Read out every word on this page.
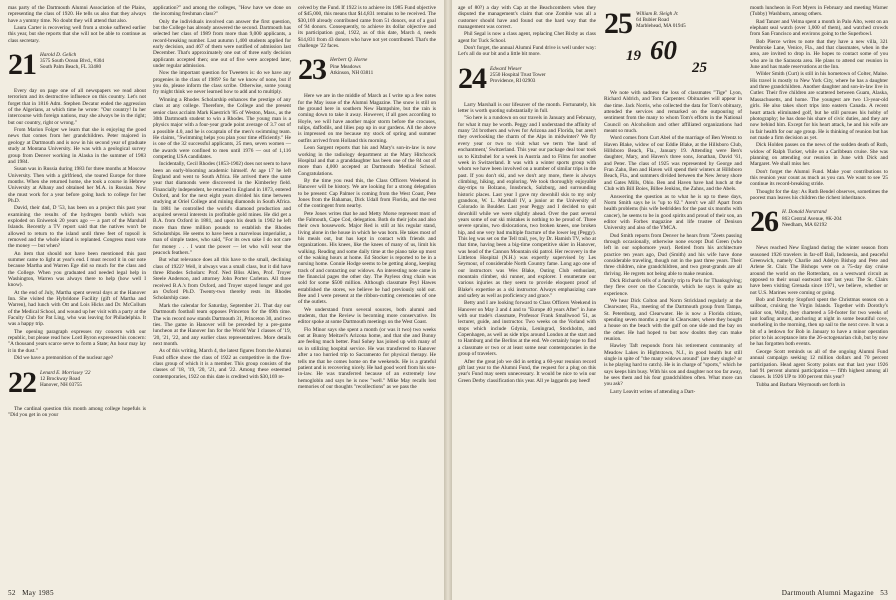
mas party of the Dartmouth Alumni Association of the Plains, representing the class of 1920. He tells us also that they always have a yummy time. No doubt they will attend that also.

Laura Carter is recovering well from a stroke suffered earlier this year, but she reports that she will not be able to continue as class secretary.

21 Harold D. Gelich
3575 South Ocean Blvd., #304
South Palm Beach, FL 33480

Every day on page one of all newspapers we read about terrorism and its destructive influence on this country. Let's not forget that in 1816 Adm. Stephen Decatur ended the aggression of the Algerians, at which time he wrote: "Our country! In her intercourse with foreign nations, may she always be in the right; but our country, right or wrong."

From Marion Folger we learn that she is enjoying the good news that comes from her grandchildren. Peter majored in geology at Dartmouth and is now in his second year of graduate study at Montana University. He was with a geological survey group from Denver working in Alaska in the summer of 1983 and 1984.

Susan was in Russia during 1983 for three months at Moscow University. Then with a girlfriend, she toured Europe for three months. When she returned home, she took a course in Hebrew University at Albany and obtained her M.A. in Russian. Now she must work for a year before going back to college for her Ph.D.

David, their dad, D '53, has been on a project this past year examining the results of the hydrogen bomb which was exploded on Eniwetok 20 years ago — a part of the Marshall Islands. Recently a TV report said that the natives won't be allowed to return to the island until three feet of topsoil is removed and the whole island is replanted. Congress must vote the money — but when?

An item that should not have been mentioned this past summer came to light at year's end. I must record it in our note because Martha and Warren Ege did so much for the class and the College. When you graduated and needed legal help in Washington, Warren was always there to help (how well I know).

At the end of July, Martha spent several days at the Hanover Inn. She visited the Hybridone Facility (gift of Martha and Warren), had lunch with Ott and Lois Hicks and Dr. McCollum of the Medical School, and wound up her visit with a party at the Faculty Club for Pat Ling, who was leaving for Philadelphia. It was a happy trip.

The opening paragraph expresses my concern with our republic, but please read how Lord Byron expressed his concern: "A thousand years scarce serve to form a State; An hour may lay it in the dust."

Did we have a premonition of the nuclear age?

22 Lenard E. Morrissey '22
12 Brockway Road
Hanover, NH 03755

The cardinal question this month among college hopefuls is "Did you get in on your

application?" and among the colleges, "How have we done on the incoming freshman class?"

Only the individuals involved can answer the first question, but the College has already answered the second. Dartmouth has selected her class of 1989 from more than 9,000 applicants, a record-breaking number. Last autumn 1,400 students applied for early decision, and 467 of them were notified of admission last December. That's approximately one out of three early decision applicants accepted then; one out of five were accepted later, under regular admission.

Now the important question for Tweeters is: do we have any progenies in the class of 1989? So far we know of none, but if you do, please inform the class scribe. Otherwise, some young fry might think we never learned how to add and to multiply.

Winning a Rhodes Scholarship enhances the prestige of any class at any college. Therefore, the College and the present senior class acclaim Mark Kaestrich '85 of Weston, Mass., as the 30th Dartmouth student to win a Rhodes. The young man is a physics major with a four-year grade point average of 3.7 out of a possible 4.0, and he is cocaptain of the men's swimming team. He claims, "Swimming helps you plan your time efficiently." He is one of the 32 successful applicants, 25 men, seven women — the awards were confined to men until 1976 — out of 1,116 competing USA candidates.

Incidentally, Cecil Rhodes (1853-1902) does not seem to have been an early-blooming academic himself. At age 17 he left England and went to South Africa. He arrived there the same year that diamonds were discovered in the Kimberley field. Financially independent, he returned to England in 1873, entered Oxford, and for the next eight years divided his time between studying at Oriel College and mining diamonds in South Africa. In 1881 he controlled the world's diamond production and acquired several interests in profitable gold mines. He did get a B.A. from Oxford in 1881, and upon his death in 1902 he left more than three million pounds to establish the Rhodes Scholarships. He seems to have been a marvelous imperialist, a man of simple tastes, who said, "For its own sake I do not care for money . . . I want the power — let who will wear the peacock feathers."

But what relevance does all this have to the small, declining class of 1922? Well, it always was a small class, but it did have three Rhodes Scholars: Prof. Ned Bliss Allen, Prof. Troyer Steele Anderson, and attorney John Porter Carleton. All three received B.A.'s from Oxford, and Troyer stayed longer and got an Oxford Ph.D. Twenty-two thereby rests its Rhodes Scholarship case.

Mark the calendar for Saturday, September 21. That day our Dartmouth football team opposes Princeton for the 69th time. The win record now stands Dartmouth 31, Princeton 30, and two ties. The game in Hanover will be preceded by a pre-game luncheon at the Hanover Inn for the World War I classes of '19, '20, '21, '22, and any earlier class representatives. More details next month.

As of this writing, March 4, the latest figures from the Alumni Fund office show the class of 1922 as competitive in the five-class group of which it is a member. This group consists of the classes of '18, '19, '20, '21, and '22. Among these esteemed contemporaries, 1922 on this date is credited with $30,169 re-

ceived by the Fund. If 1922 is to achieve its 1985 Fund objective of $45,000, this means that $14,831 remains to be received. The $30,169 already contributed came from 51 donors, out of a goal of 94 donors. Consequently, to achieve its dollar objective and its participation goal, 1922, as of this date, March 4, needs $14,831 from 43 donors who have not yet contributed. That's the challenge '22 faces.

23 Herbert Q. Horne
Pine Meadows
Atkinson, NH 03811

Here we are in the middle of March as I write up a few notes for the May issue of the Alumni Magazine. The snow is still on the ground here in southern New Hampshire, but the rain is coming down to take it away. However, if all goes according to Hoyle, we will have another major storm before the crocuses, tulips, daffodils, and lilies pop up in our gardens. All the above is impressed on me because my stock of spring and summer outfits arrived from Holland this morning.

Leon Sargent reports that his and Mary's son-in-law is now working in the radiology department at the Mary Hitchcock Hospital and that a granddaughter has been one of the 84 out of more than 4,000 accepted at Dartmouth Medical School. Congratulations.

By the time you read this, the Class Officers Weekend in Hanover will be history. We are looking for a strong delegation to be present: Cap Palmer is coming from the West Coast, Pete Jones from the Bahamas, Dick Udall from Florida, and the rest of the contingent from nearby.

Pete Jones writes that he and Metty Morse represent most of the Falmouth, Cape Cod, delegation. Both do their jobs and also their own housework. Major Red is still at his regular stand, living alone in the house in which he was born. He takes most of his meals out, but has kept in contact with friends and organizations. His knees, like the knees of many of us, limit his walking. Reading and some daily time at the piano take up most of the waking hours at home. Ed Stocker is reported to be in a nursing home. Connie Hodge seems to be getting along, keeping track of and contacting our widows. An interesting note came in the financial pages the other day. The Payless drug chain was sold for some $500 million. Although classmate Peyl Hawes established the stores, we believe he had previously sold out. Bee and I were present at the ribbon-cutting ceremonies of one of the outlets.

We understand from several sources, both alumni and students, that the Review is becoming more conservative. Its editor spoke at some Dartmouth meetings on the West Coast.

Flo Minor says she spent a month (or was it two) two weeks out at Bunny Meitzel's Arizona home, and that she and Bunny are feeling much better. Paul Sohey has joined up with many of us in utilizing hospital service. He was transferred to Hanover after a too hurried trip to Sacramento for physical therapy. He tells me that he comes home on the weekends. He is a grateful patient and is recovering nicely. He had good word from his son-in-law. He was transferred because of an extremely low hemoglobin and says he is now "well." Mike May recalls lost memories of our thoughts "recollections" as we pass the

52 May 1985

age of 80?) a day with Cap at the Beachcombers when they disputed the management's claim that one Zombie was all a customer should have and found out the hard way that the management was correct.

Phil Segal is now a class agent, replacing Chet Bixby as class agent for Tuck School.

Don't forget, the annual Alumni Fund drive is well under way: Let's all do our bit and a little bit more.

24 Edward Wieser
2550 Hospital Trust Tower
Providence, RI 02903

Larry Marshall is our lifesaver of the month. Fortunately, his letter is worth quoting substantially in full.

"So here is a rundown on our travels in January and February, for what it may be worth. Peggy and I understand the affinity of many '24 brothers and wives for Arizona and Florida, but aren't they overlooking the charm of the Alps in midwinter? We fly every year or two to visit what we term 'the land of enchantment,' Switzerland. This year our package deal tour took us to Kitzbuhel for a week in Austria and to Films for another week in Switzerland. It was with a winter sports group with whom we have been involved on a number of similar trips in the past. If you don't ski, and we don't any more, there is always climbing, hiking, and exploring. We took thoroughly enjoyable day-trips to Bolzano, Innsbruck, Salzburg, and surrounding historic places. Last year I gave my downhill skis to my only grandson, W. L. Marshall IV, a junior at the University of Colorado in Boulder. Last year Peggy and I decided to quit downhill while we were slightly ahead. Over the past several years some of our ski mistakes is nothing to be proud of. Three severe sprains, two dislocations, two broken knees, one broken hip, and one very bad multiple fracture of the lower leg (Peggy). This leg was set on the Tell trail, yes, by Dr. Hamish TV, who at that time, having been a big-time competitive skier in Hanover, was head of the Cannon Mountain ski patrol. Her recovery in the Littleton Hospital (N.H.) was expertly supervised by Les Seymour, of considerable North Country fame. Long ago one of our instructors was Wes Blake, Outing Club enthusiast, mountain climber, ski runner, and explorer. I enumerate our various injuries as they seem to provide eloquent proof of Blake's expertise as a ski instructor. Always emphasizing care and safety as well as proficiency and grace."

Betty and I are looking forward to Class Officers Weekend in Hanover on May 3 and 4 and to "Europe 40 years After" in June with our trade's classmate, Professor Frank Smallwood '51, as lecturer, guide, and instructor. Two weeks on the Vorland with stops which include Gdynia, Leningrad, Stockholm, and Copenhagen, as well as side trips around London at the start and to Hamburg and the Berlins at the end. We certainly hope to find a classmate or two or at least some near contemporaries in the group of travelers.

After the great job we did in setting a 60-year reunion record gift last year to the Alumni Fund, the request for a plug on this year's Fund may seem unnecessary. It would be nice to win our Green Derby classification this year. All ye laggards pay heed!

25 William B. Sleigh Jr.
64 Bubier Road
Marblehead, MA 01945
19 60
25

We note with sadness the loss of classmates "Tige" Lyon, Richard Aldrich, and Tom Carpenter. Obituaries will appear in due time. Jack Norris, who collected the data for Tom's obituary, attended the services and remarked on the outpouring of sentiment from the many to whom Tom's efforts in the National Council on Alcoholism and other affiliated organizations had meant so much.

Word comes from Curt Abel of the marriage of Ben Wrentz to Haven Blake, widow of our Eddie Blake, at the Hillsboro Club, Hillsboro Beach, Fla., January 19. Attending were Ben's daughter, Mary, and Haven's three sons, Jonathan, David '61, and Peter. The class of 1925 was represented by George and Fran Zahn, Ben and Haven will spend their winters at Hillsboro Beach, Fla., and summers divided between the New Jersey shore and Gates Mills, Ohio. Ben and Haven have had lunch at the Club with Bill Boies, Billee Jenkins, the Zahns, and the Abels.

Answering the question as to what he is up to these days, Norm Smith says he is "up to 82." Aren't we all! Apart from health problems (his wife bedridden for the past six months with cancer), he seems to be in good spirits and proud of their son, an editor with Forbes magazine and life trustee of Denison University and also of the YMCA.

Dud Smith reports from Denver he hears from "Zeets passing through occasionally, otherwise none except Dud Green (who left in our sophomore year). Retired from his architecture practice ten years ago, Dud (Smith) and his wife have done considerable traveling, though not in the past three years. Their three children, nine grandchildren, and two great-grands are all thriving. He regrets not being able to make reunion.

Dick Richards tells of a family trip to Paris for Thanksgiving; they flew over on the Concorde, which he says is quite an experience.

We hear Dick Colton and Norm Strickland regularly at the Clearwater, Fla., meeting of the Dartmouth group from Tampa, St. Petersburg, and Clearwater. He is now a Florida citizen, spending seven months a year in Clearwater, where they bought a house on the beach with the gulf on one side and the bay on the other. He had hoped to but now doubts they can make reunion.

Hawley Taft responds from his retirement community of Meadow Lakes in Hightstown, N.J., in good health but still single in spite of "the many widows around" (are they single? or is he playing hard to catch). He is in charge of "sports," which he says keeps him busy. With his son and daughter not too far away, he sees them and his four grandchildren often. What more can you ask?

Larry Leavitt writes of attending a Dart-

mouth luncheon in Fort Myers in February and meeting Warner (Tubby) Washburn, among others.

Rad Tanzer and Velma spent a month in Palo Alto, went on an elephant seal watch (over 1,000 of them), and watched crowds from San Francisco and environs going to the Superbowl.

Bob Pierce writes to note that they have a new villa, 321 Pembroke Lane, Venice, Fla., and that classmates, when in the area, are invited to drop in. He hopes to contact some of you who are in the Sarasota area. He plans to attend our reunion in June and has made reservations at the Inn.

Wilder Smith (Curt) is still in his hometown of Colter, Maine. His travel is mostly to New York City, where he has a daughter and three grandchildren. Another daughter and son-in-law live in Cutler. Their five children are scattered between Guam, Alaska, Massachusetts, and home. The youngest are two 13-year-old girls. He also takes short trips into eastern Canada. A recent heart attack eliminated golf, but he still pursues his hobby of photography; he has done his share of civic duties, and they are now behind him. Except for his heart attack, he and his wife are in fair health for our age group. He is thinking of reunion but has not made a firm decision as yet.

Dick Holden passes on the news of the sudden death of Ruth, widow of Ralph Tucker, while on a Caribbean cruise. She was planning on attending our reunion in June with Dick and Margaret. We shall miss her.

Don't forget the Alumni Fund. Make your contributions to this reunion year count as much as you can. We want to see '25 continue its record-breaking stride.

Thought for the day: As Ruth Bendel observes, sometimes the poorest man leaves his children the richest inheritance.

26 H. Donald Norstrand
863 Central Avenue, #K-204
Needham, MA 02192

News reached New England during the winter season from seasoned 1926 travelers in far-off Bali, Indonesia, and peaceful Greenwich, namely Charlie and Adelyn Bishop and Pete and Arlene St. Clair. The Bishops were on a 75-day day cruise around the world on the Rotterdam, on a westward circuit as opposed to their usual eastward tour last year. The St. Clairs have been visiting Grenada since 1971, we believe, whether or not U.S. Marines were coming or going.

Bob and Dorothy Stopford spent the Christmas season on a sailboat, cruising the Virgin Islands. Together with Dorothy's sailor son, Wally, they chartered a 50-footer for two weeks of just loafing around, anchoring at night in some beautiful cove, snorkeling in the morning, then up sail to the next cove. It was a bit of a letdown for Bob in January to have a minor operation prior to his acceptance into the 26-octogenarian club, but by now he has forgotten both events.

George Scott reminds us all of the ongoing Alumni Fund annual campaign seeking 12 million dollars and 70 percent participation. Head agent Scotty points out that last year 1926 had 91 percent alumni participation — fifth highest among all classes. Is 1926 UP to 100 percent this year?

Tubba and Barbara Weymouth set forth in

Dartmouth Alumni Magazine 53
